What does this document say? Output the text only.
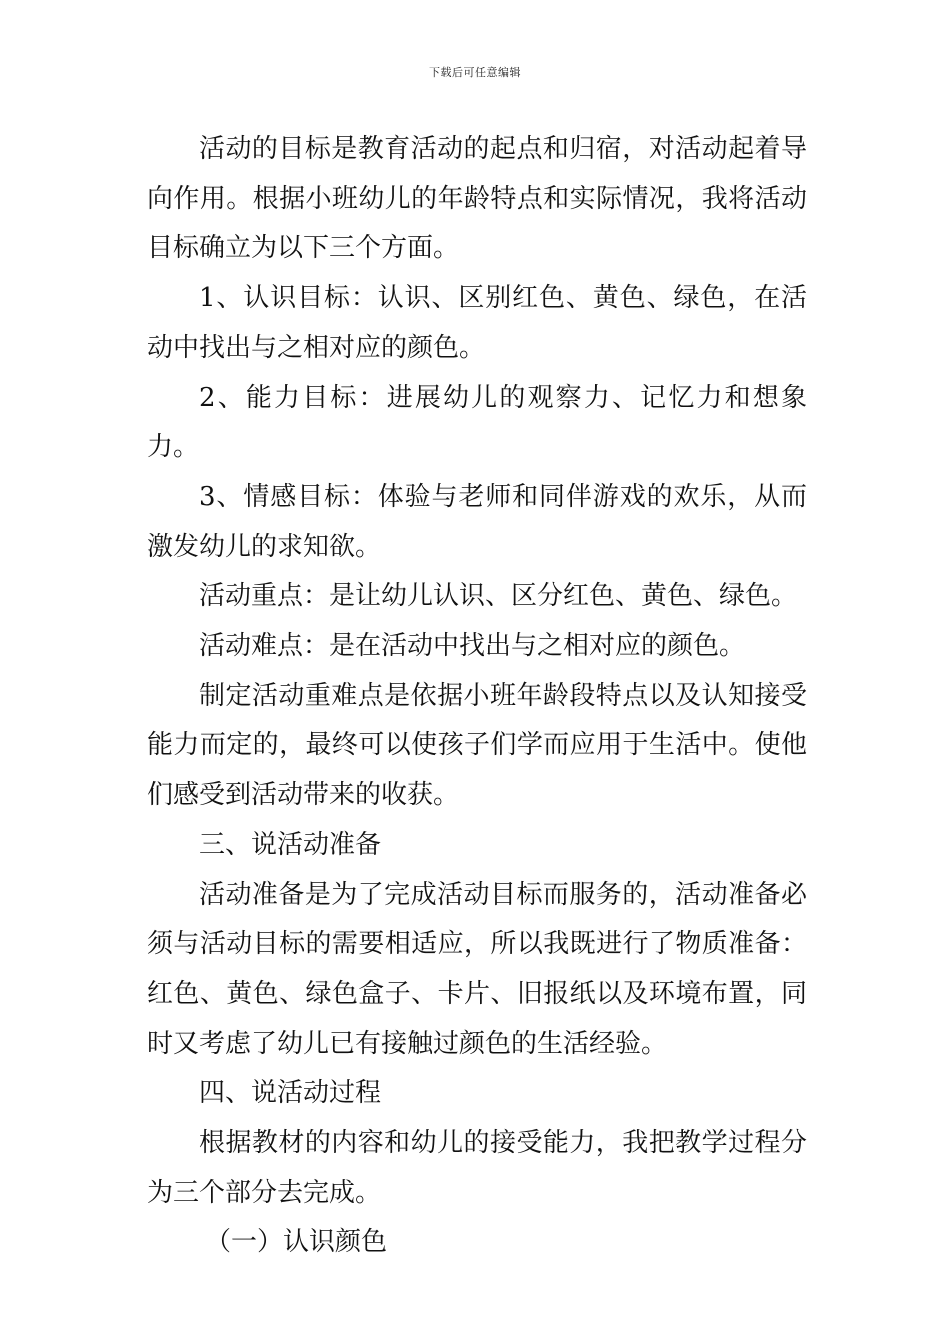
下载后可任意编辑

活动的目标是教育活动的起点和归宿，对活动起着导向作用。根据小班幼儿的年龄特点和实际情况，我将活动目标确立为以下三个方面。

1、认识目标：认识、区别红色、黄色、绿色，在活动中找出与之相对应的颜色。

2、能力目标：进展幼儿的观察力、记忆力和想象力。

3、情感目标：体验与老师和同伴游戏的欢乐，从而激发幼儿的求知欲。

活动重点：是让幼儿认识、区分红色、黄色、绿色。

活动难点：是在活动中找出与之相对应的颜色。

制定活动重难点是依据小班年龄段特点以及认知接受能力而定的，最终可以使孩子们学而应用于生活中。使他们感受到活动带来的收获。

三、说活动准备

活动准备是为了完成活动目标而服务的，活动准备必须与活动目标的需要相适应，所以我既进行了物质准备：红色、黄色、绿色盒子、卡片、旧报纸以及环境布置，同时又考虑了幼儿已有接触过颜色的生活经验。

四、说活动过程

根据教材的内容和幼儿的接受能力，我把教学过程分为三个部分去完成。

（一）认识颜色
